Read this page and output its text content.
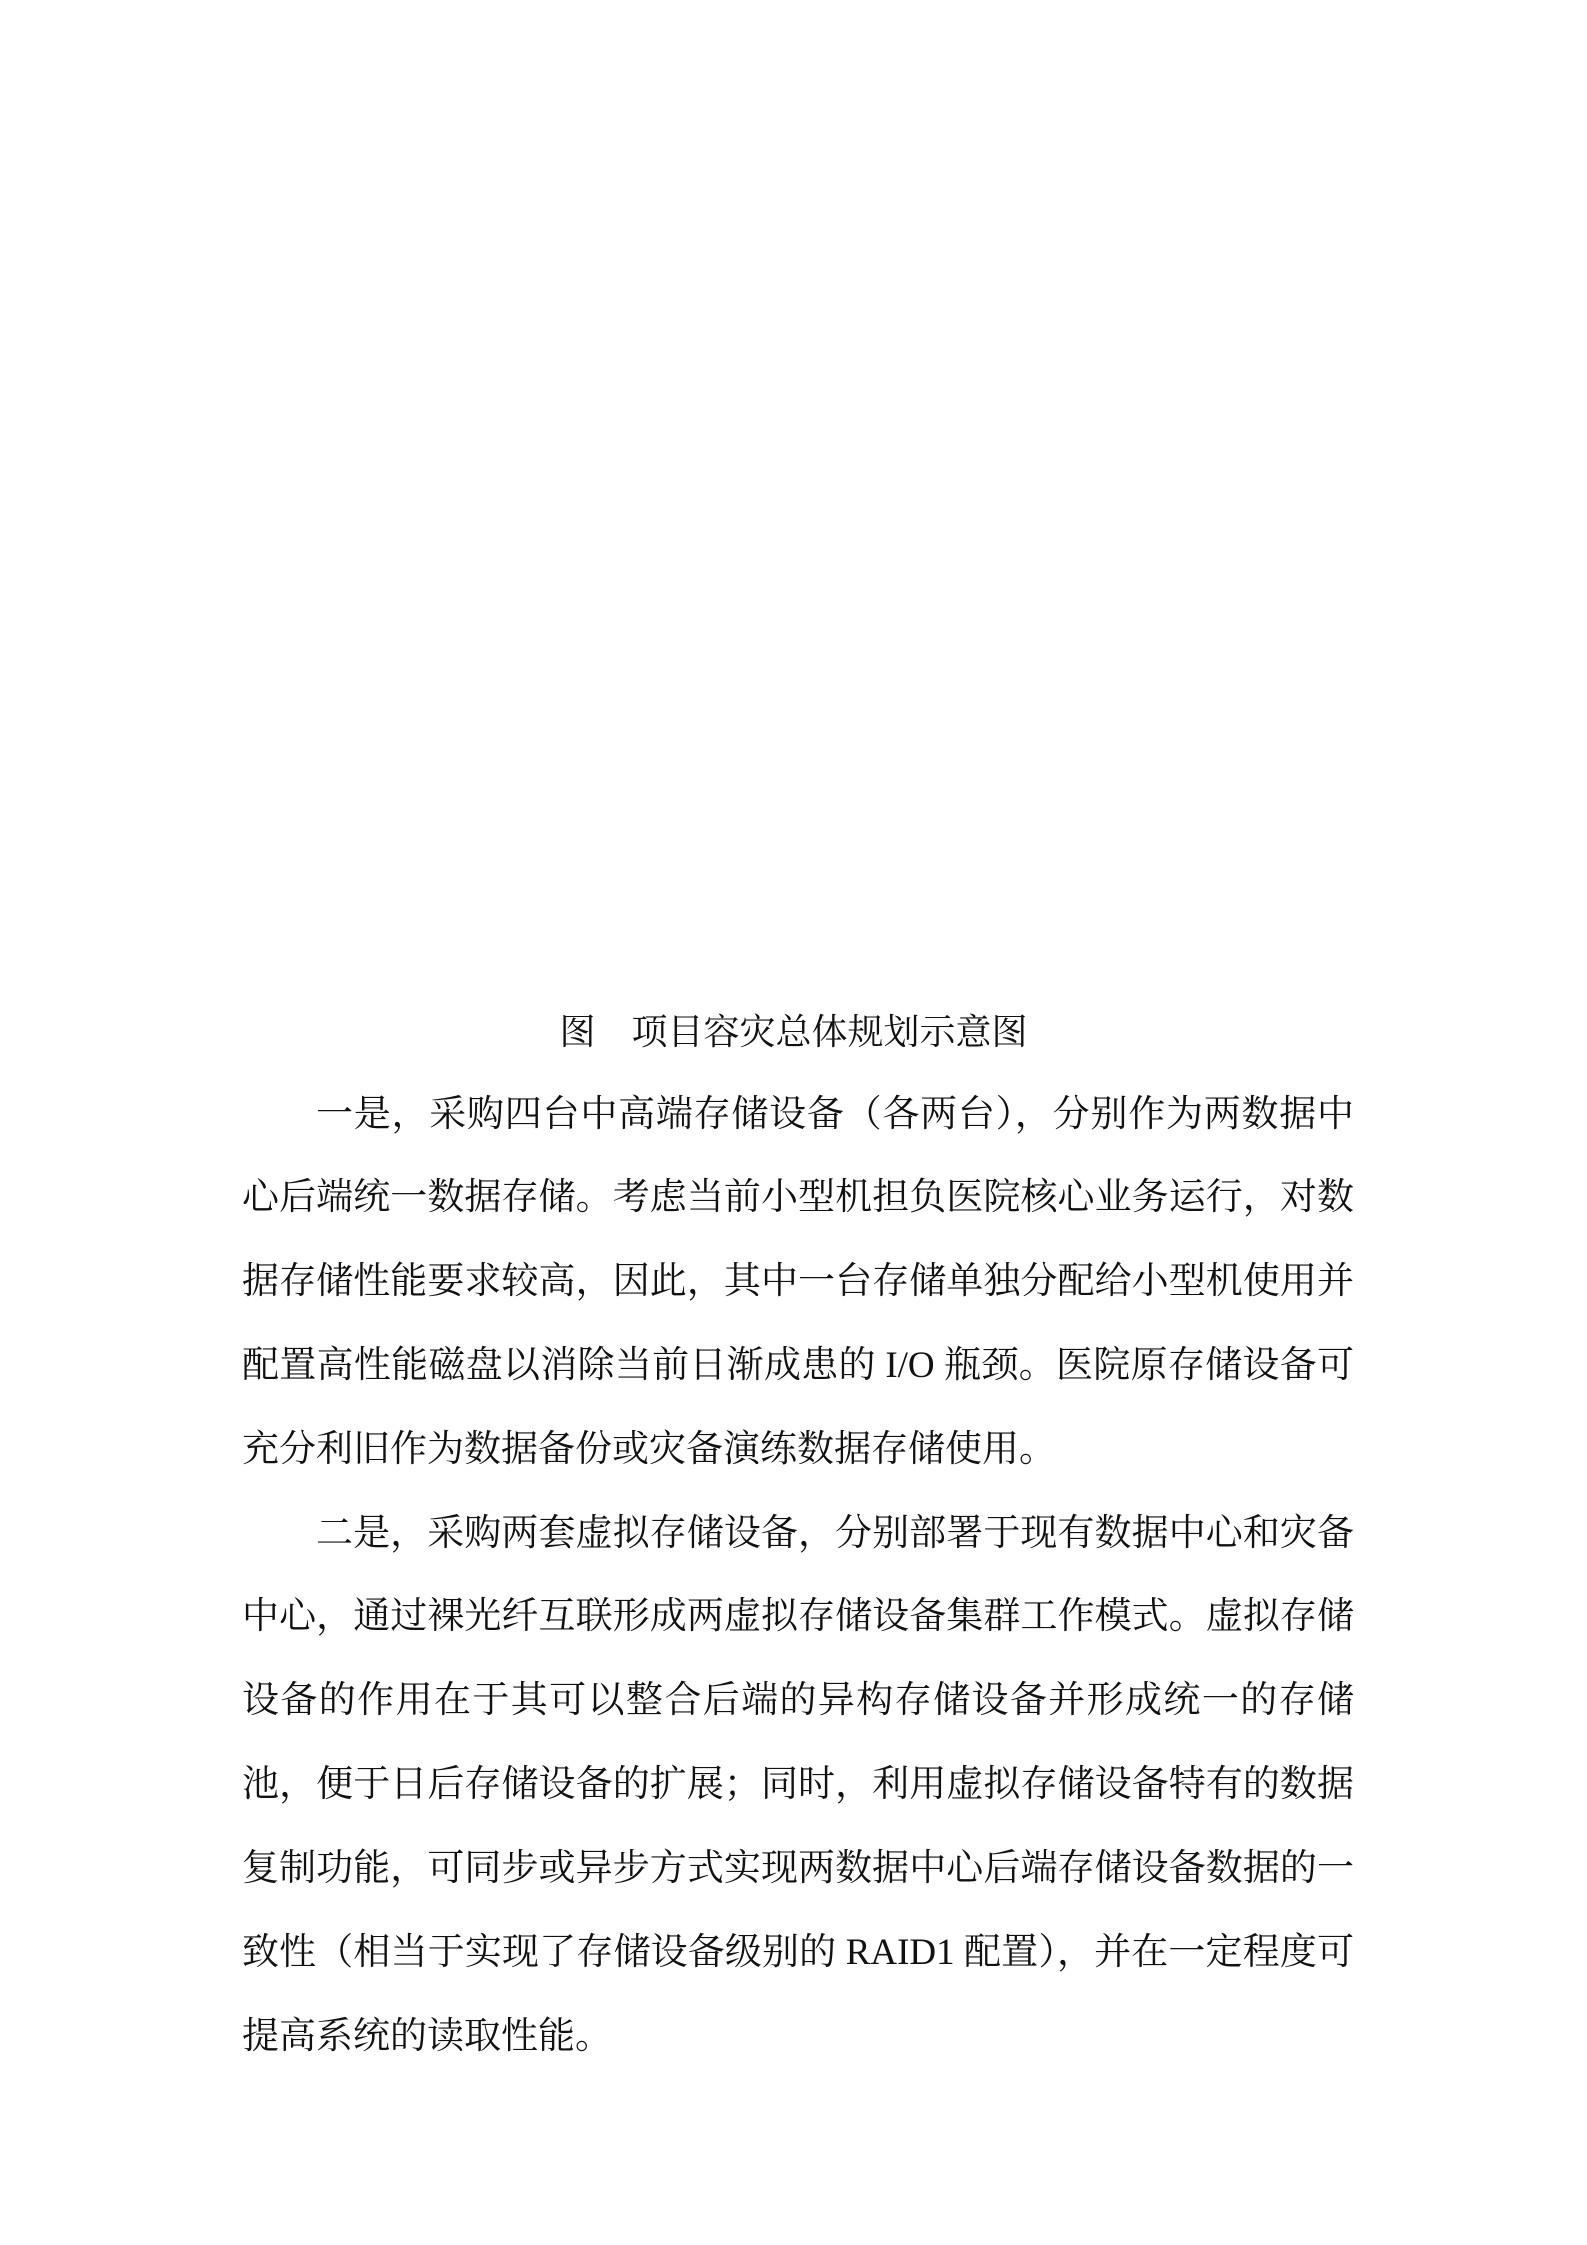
图    项目容灾总体规划示意图
一是，采购四台中高端存储设备（各两台），分别作为两数据中
心后端统一数据存储。考虑当前小型机担负医院核心业务运行，对数
据存储性能要求较高，因此，其中一台存储单独分配给小型机使用并
配置高性能磁盘以消除当前日渐成患的 I/O 瓶颈。医院原存储设备可
充分利旧作为数据备份或灾备演练数据存储使用。
二是，采购两套虚拟存储设备，分别部署于现有数据中心和灾备
中心，通过裸光纤互联形成两虚拟存储设备集群工作模式。虚拟存储
设备的作用在于其可以整合后端的异构存储设备并形成统一的存储
池，便于日后存储设备的扩展；同时，利用虚拟存储设备特有的数据
复制功能，可同步或异步方式实现两数据中心后端存储设备数据的一
致性（相当于实现了存储设备级别的 RAID1 配置），并在一定程度可
提高系统的读取性能。
